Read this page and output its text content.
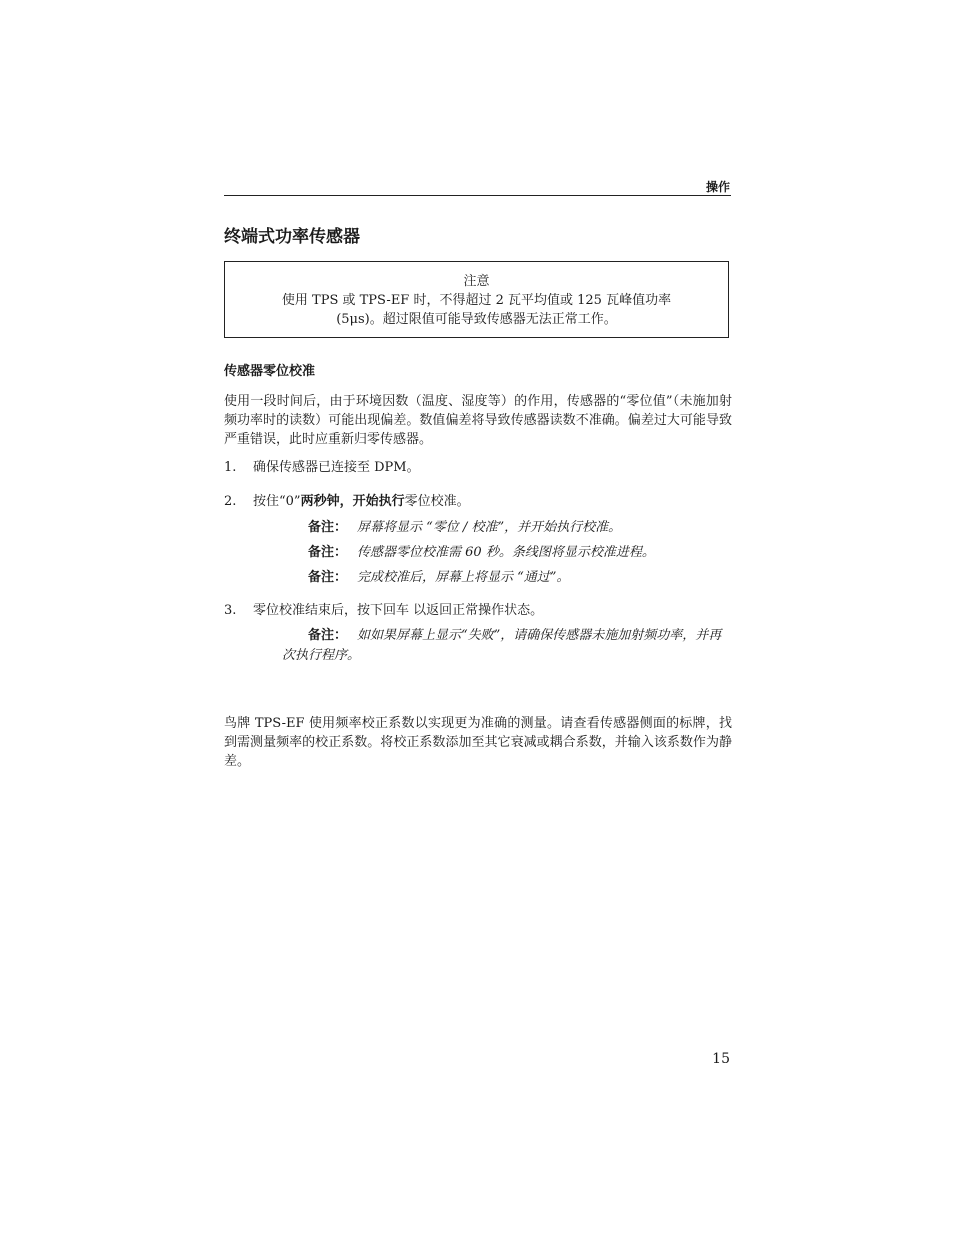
操作
终端式功率传感器
注意
使用 TPS 或 TPS-EF 时，不得超过 2 瓦平均值或 125 瓦峰值功率
(5μs)。超过限值可能导致传感器无法正常工作。
传感器零位校准
使用一段时间后，由于环境因数（温度、湿度等）的作用，传感器的“零位值”（未施加射频功率时的读数）可能出现偏差。数值偏差将导致传感器读数不准确。偏差过大可能导致严重错误，此时应重新归零传感器。
1. 确保传感器已连接至 DPM。
2. 按住“0”两秒钟，开始执行零位校准。
备注： 屏幕将显示 “零位 / 校准”，并开始执行校准。
备注： 传感器零位校准需 60 秒。条线图将显示校准进程。
备注： 完成校准后，屏幕上将显示 “通过”。
3. 零位校准结束后，按下回车 以返回正常操作状态。
备注： 如如果屏幕上显示“失败”，请确保传感器未施加射频功率，并再次执行程序。
鸟牌 TPS-EF 使用频率校正系数以实现更为准确的测量。请查看传感器侧面的标牌，找到需测量频率的校正系数。将校正系数添加至其它衰减或耦合系数，并输入该系数作为静差。
15
